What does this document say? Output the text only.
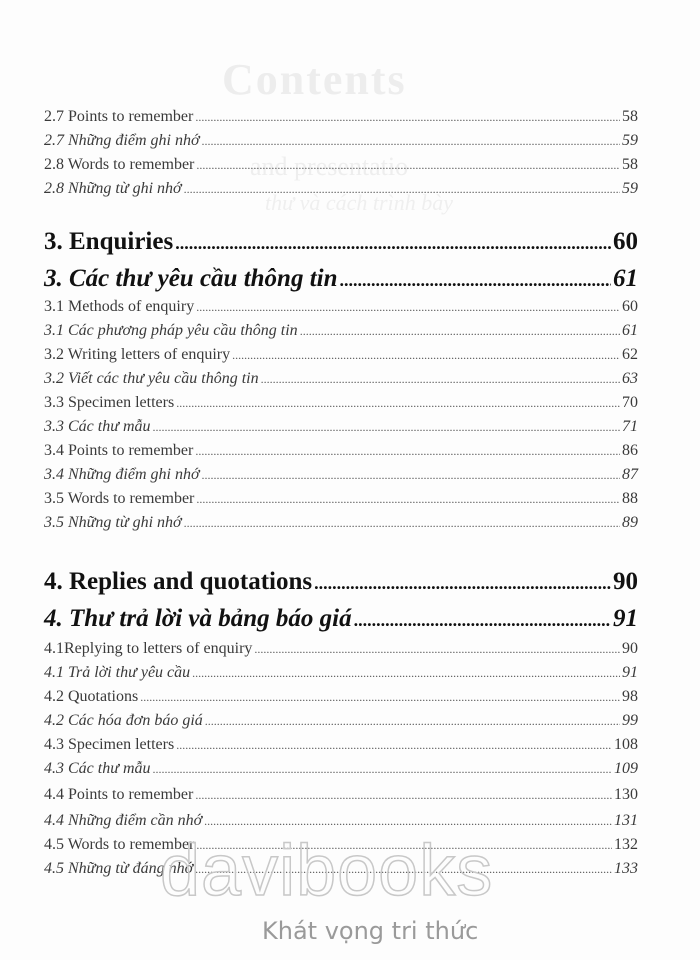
Contents
and presentatio
thư và cách trình bày
2.7 Points to remember .....	58
2.7 Những điểm ghi nhớ .....	59
2.8 Words to remember .....	58
2.8 Những từ ghi nhớ .....	59
3. Enquiries .....	60
3. Các thư yêu cầu thông tin .....	61
3.1 Methods of enquiry .....	60
3.1 Các phương pháp yêu cầu thông tin .....	61
3.2 Writing letters of enquiry .....	62
3.2 Viết các thư yêu cầu thông tin .....	63
3.3 Specimen letters .....	70
3.3 Các thư mẫu .....	71
3.4 Points to remember .....	86
3.4 Những điểm ghi nhớ .....	87
3.5 Words to remember .....	88
3.5 Những từ ghi nhớ .....	89
4. Replies and quotations .....	90
4. Thư trả lời và bảng báo giá .....	91
4.1Replying to letters of enquiry .....	90
4.1 Trả lời thư yêu cầu .....	91
4.2 Quotations .....	98
4.2 Các hóa đơn báo giá .....	99
4.3 Specimen letters .....	108
4.3 Các thư mẫu .....	109
4.4 Points to remember .....	130
4.4 Những điểm cần nhớ .....	131
4.5 Words to remember .....	132
4.5 Những từ đáng nhớ .....	133
davibooks
Khát vọng tri thức
